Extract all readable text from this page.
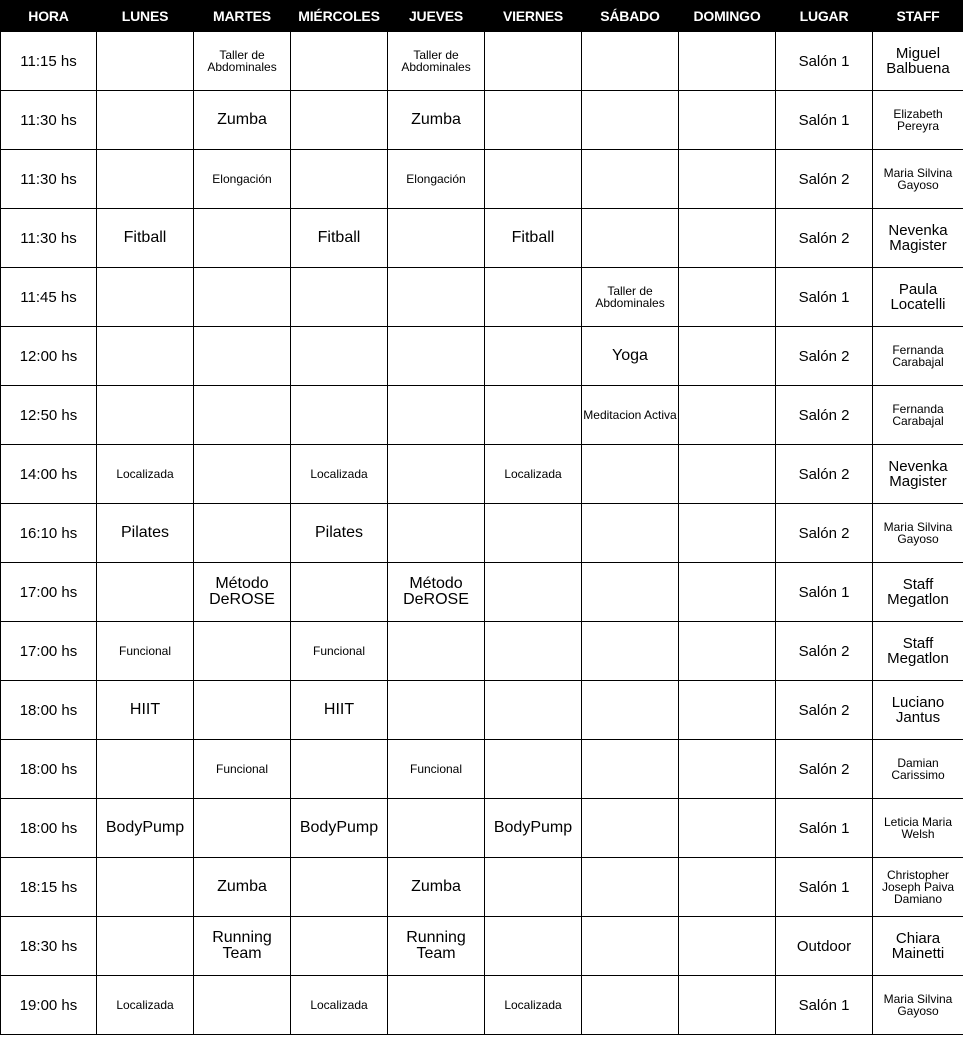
HORA	LUNES	MARTES	MIÉRCOLES	JUEVES	VIERNES	SÁBADO	DOMINGO	LUGAR	STAFF
11:15 hs		Taller de Abdominales		Taller de Abdominales				Salón 1	Miguel Balbuena
11:30 hs		Zumba		Zumba				Salón 1	Elizabeth Pereyra
11:30 hs		Elongación		Elongación				Salón 2	Maria Silvina Gayoso
11:30 hs	Fitball		Fitball		Fitball			Salón 2	Nevenka Magister
11:45 hs						Taller de Abdominales		Salón 1	Paula Locatelli
12:00 hs						Yoga		Salón 2	Fernanda Carabajal
12:50 hs						Meditacion Activa		Salón 2	Fernanda Carabajal
14:00 hs	Localizada		Localizada		Localizada			Salón 2	Nevenka Magister
16:10 hs	Pilates		Pilates					Salón 2	Maria Silvina Gayoso
17:00 hs		Método DeROSE		Método DeROSE				Salón 1	Staff Megatlon
17:00 hs	Funcional		Funcional					Salón 2	Staff Megatlon
18:00 hs	HIIT		HIIT					Salón 2	Luciano Jantus
18:00 hs		Funcional		Funcional				Salón 2	Damian Carissimo
18:00 hs	BodyPump		BodyPump		BodyPump			Salón 1	Leticia Maria Welsh
18:15 hs		Zumba		Zumba				Salón 1	Christopher Joseph Paiva Damiano
18:30 hs		Running Team		Running Team				Outdoor	Chiara Mainetti
19:00 hs	Localizada		Localizada		Localizada			Salón 1	Maria Silvina Gayoso
